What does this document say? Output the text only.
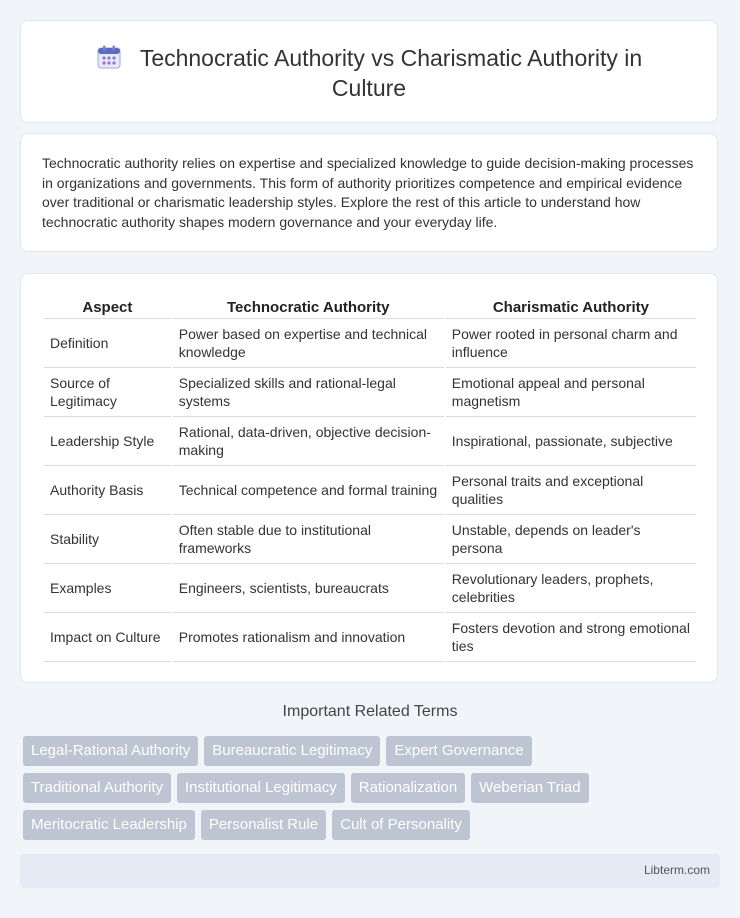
Technocratic Authority vs Charismatic Authority in
Culture

Technocratic authority relies on expertise and specialized knowledge to guide decision-making processes in organizations and governments. This form of authority prioritizes competence and empirical evidence over traditional or charismatic leadership styles. Explore the rest of this article to understand how technocratic authority shapes modern governance and your everyday life.

Aspect	Technocratic Authority	Charismatic Authority
Definition	Power based on expertise and technical knowledge	Power rooted in personal charm and influence
Source of Legitimacy	Specialized skills and rational-legal systems	Emotional appeal and personal magnetism
Leadership Style	Rational, data-driven, objective decision-making	Inspirational, passionate, subjective
Authority Basis	Technical competence and formal training	Personal traits and exceptional qualities
Stability	Often stable due to institutional frameworks	Unstable, depends on leader's persona
Examples	Engineers, scientists, bureaucrats	Revolutionary leaders, prophets, celebrities
Impact on Culture	Promotes rationalism and innovation	Fosters devotion and strong emotional ties
Important Related Terms
Legal-Rational Authority	Bureaucratic Legitimacy	Expert Governance
Traditional Authority	Institutional Legitimacy	Rationalization	Weberian Triad
Meritocratic Leadership	Personalist Rule	Cult of Personality
Libterm.com
